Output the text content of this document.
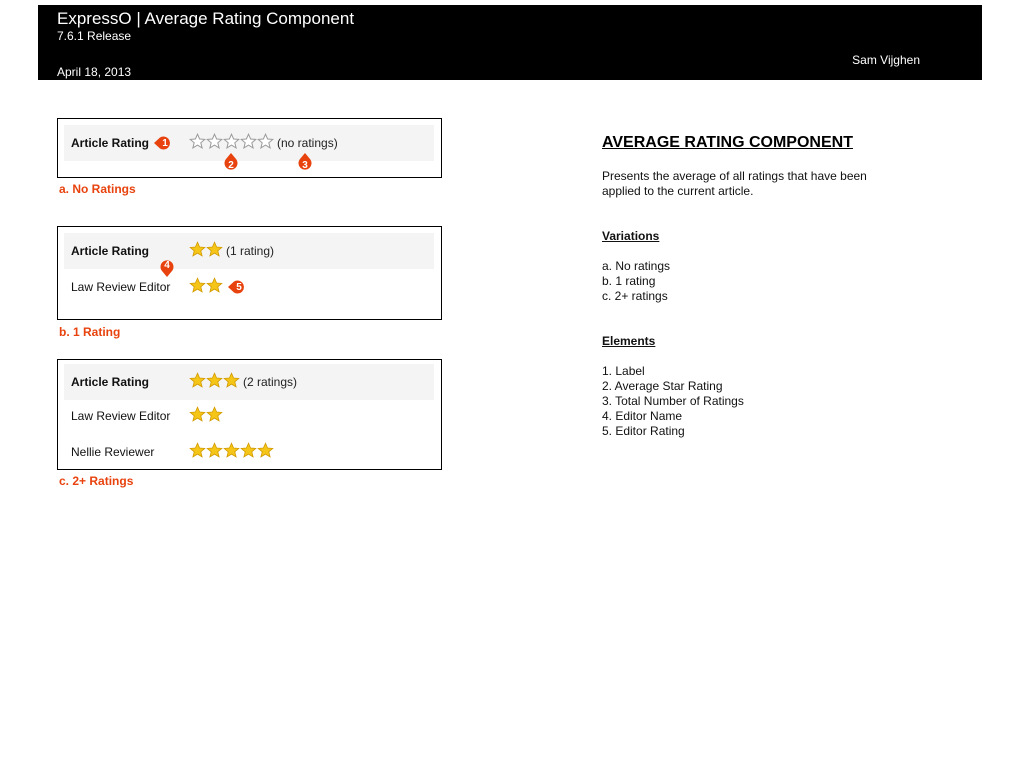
ExpressO | Average Rating Component
7.6.1 Release
April 18, 2013
Sam Vijghen
Article Rating	(no ratings)
a. No Ratings
Article Rating	(1 rating)
Law Review Editor
b. 1 Rating
Article Rating	(2 ratings)
Law Review Editor
Nellie Reviewer
c. 2+ Ratings
1
2	3
4
5
AVERAGE RATING COMPONENT

Presents the average of all ratings that have been applied to the current article.

Variations
a. No ratings
b. 1 rating
c. 2+ ratings
Elements
1. Label
2. Average Star Rating
3. Total Number of Ratings
4. Editor Name
5. Editor Rating
